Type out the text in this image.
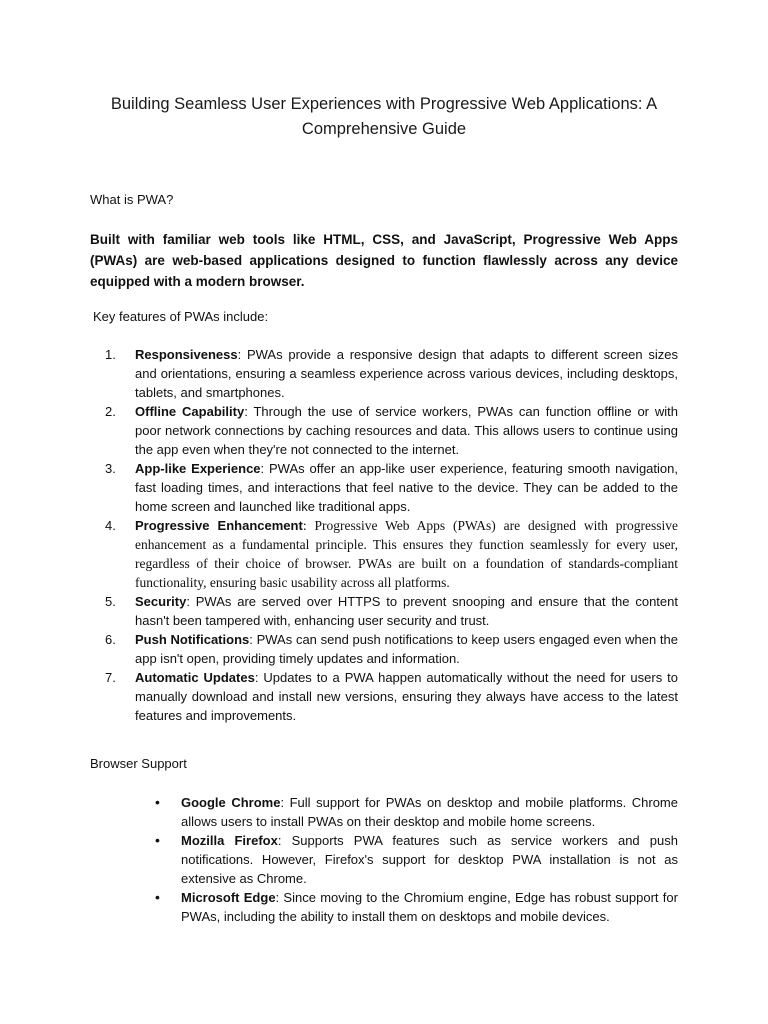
Building Seamless User Experiences with Progressive Web Applications: A Comprehensive Guide
What is PWA?
Built with familiar web tools like HTML, CSS, and JavaScript, Progressive Web Apps (PWAs) are web-based applications designed to function flawlessly across any device equipped with a modern browser.
Key features of PWAs include:
1. Responsiveness: PWAs provide a responsive design that adapts to different screen sizes and orientations, ensuring a seamless experience across various devices, including desktops, tablets, and smartphones.
2. Offline Capability: Through the use of service workers, PWAs can function offline or with poor network connections by caching resources and data. This allows users to continue using the app even when they're not connected to the internet.
3. App-like Experience: PWAs offer an app-like user experience, featuring smooth navigation, fast loading times, and interactions that feel native to the device. They can be added to the home screen and launched like traditional apps.
4. Progressive Enhancement: Progressive Web Apps (PWAs) are designed with progressive enhancement as a fundamental principle. This ensures they function seamlessly for every user, regardless of their choice of browser. PWAs are built on a foundation of standards-compliant functionality, ensuring basic usability across all platforms.
5. Security: PWAs are served over HTTPS to prevent snooping and ensure that the content hasn't been tampered with, enhancing user security and trust.
6. Push Notifications: PWAs can send push notifications to keep users engaged even when the app isn't open, providing timely updates and information.
7. Automatic Updates: Updates to a PWA happen automatically without the need for users to manually download and install new versions, ensuring they always have access to the latest features and improvements.
Browser Support
• Google Chrome: Full support for PWAs on desktop and mobile platforms. Chrome allows users to install PWAs on their desktop and mobile home screens.
• Mozilla Firefox: Supports PWA features such as service workers and push notifications. However, Firefox's support for desktop PWA installation is not as extensive as Chrome.
• Microsoft Edge: Since moving to the Chromium engine, Edge has robust support for PWAs, including the ability to install them on desktops and mobile devices.
